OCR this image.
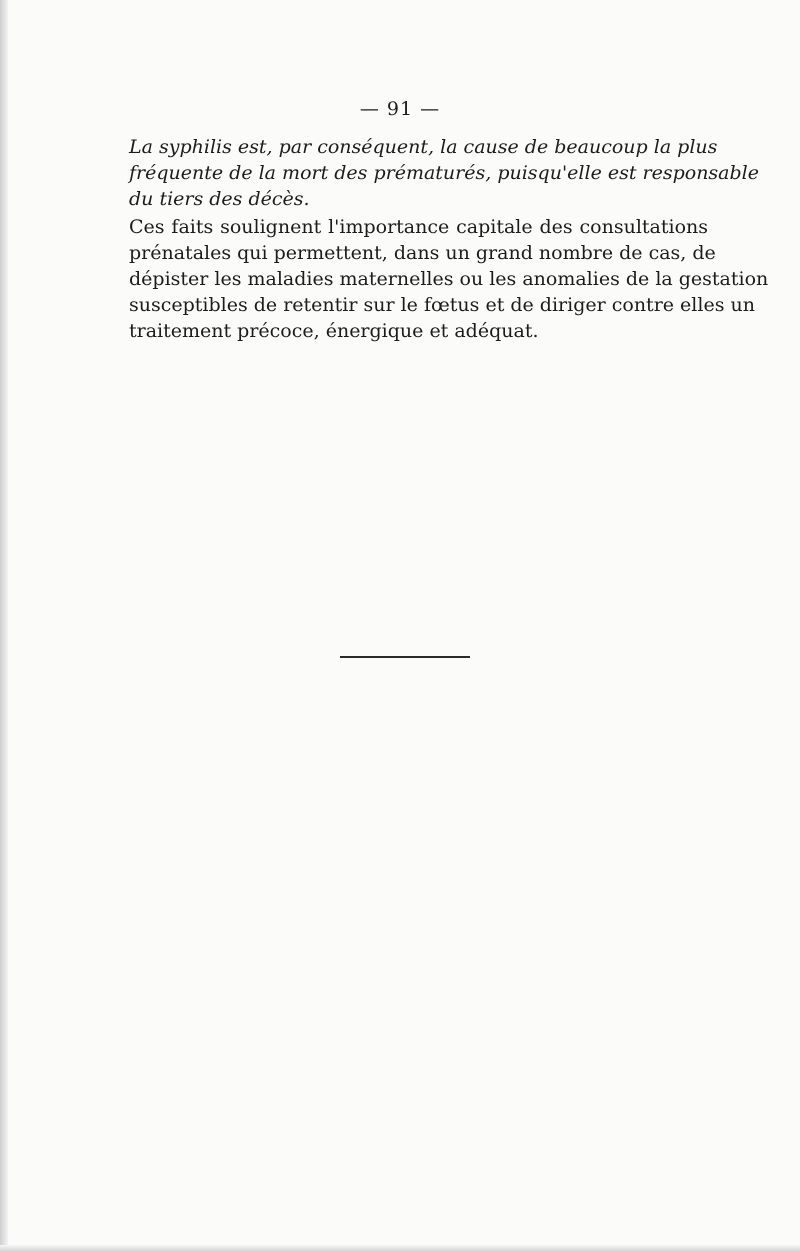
— 91 —

La syphilis est, par conséquent, la cause de beaucoup la plus
fréquente de la mort des prématurés, puisqu'elle est responsable
du tiers des décès.

Ces faits soulignent l'importance capitale des consultations
prénatales qui permettent, dans un grand nombre de cas, de
dépister les maladies maternelles ou les anomalies de la gestation
susceptibles de retentir sur le fœtus et de diriger contre elles un
traitement précoce, énergique et adéquat.
